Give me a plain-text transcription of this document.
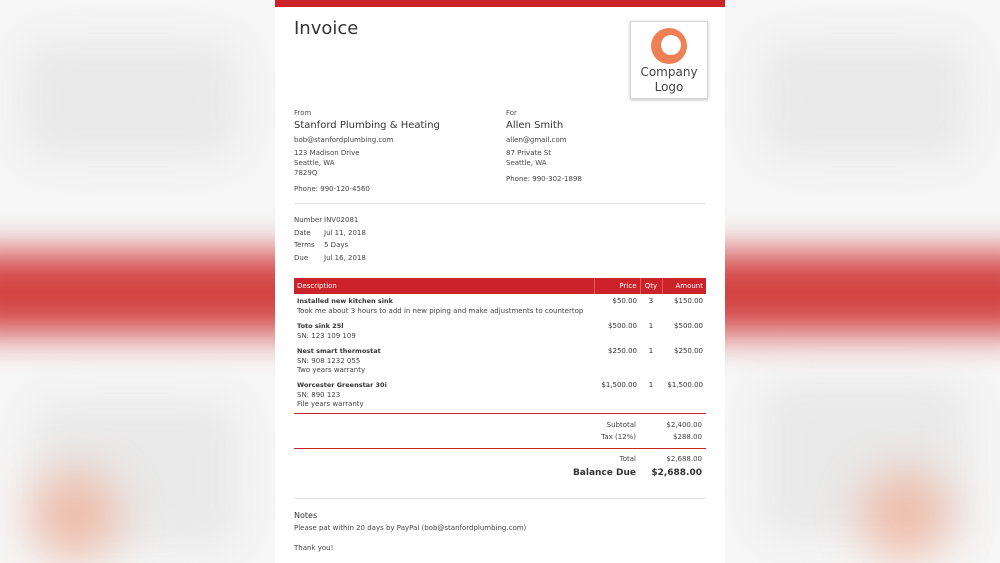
Invoice
Company
Logo
From
Stanford Plumbing & Heating
bob@stanfordplumbing.com
123 Madison Drive
Seattle, WA
7829Q
Phone: 990-120-4560
For
Allen Smith
allen@gmail.com
87 Private St
Seattle, WA
Phone: 990-302-1898
Number INV02081
Date	Jul 11, 2018
Terms	5 Days
Due	Jul 16, 2018
Description	Price	Qty	Amount

Installed new kitchen sink
Took me about 3 hours to add in new piping and make adjustments to countertop	$50.00	3	$150.00

Toto sink 25l
SN: 123 109 109	$500.00	1	$500.00

Nest smart thermostat
SN: 908 1232 055
Two years warranty	$250.00	1	$250.00

Worcester Greenstar 30i
SN: 890 123
File years warranty	$1,500.00	1	$1,500.00
Subtotal	$2,400.00
Tax (12%)	$288.00
Total	$2,688.00
Balance Due	$2,688.00
Notes
Please pat within 20 days by PayPal (bob@stanfordplumbing.com)
Thank you!
